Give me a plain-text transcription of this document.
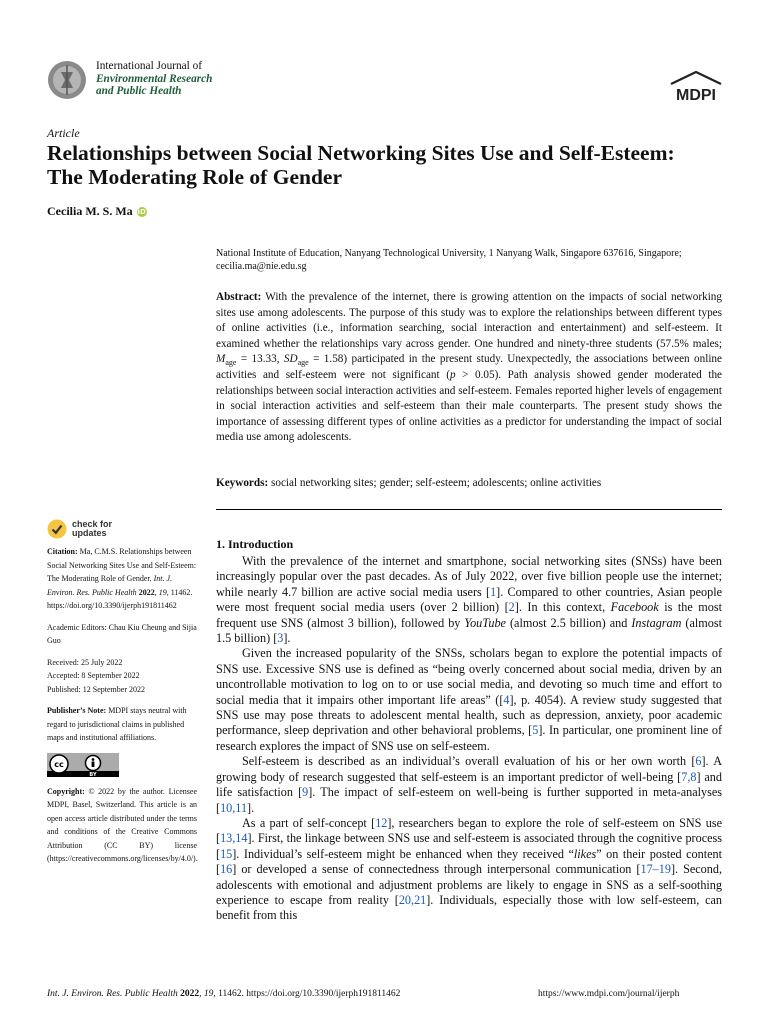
International Journal of
Environmental Research
and Public Health	MDPI
Article
Relationships between Social Networking Sites Use and Self-Esteem: The Moderating Role of Gender
Cecilia M. S. Ma iD
National Institute of Education, Nanyang Technological University, 1 Nanyang Walk, Singapore 637616, Singapore; cecilia.ma@nie.edu.sg
Abstract: With the prevalence of the internet, there is growing attention on the impacts of social networking sites use among adolescents. The purpose of this study was to explore the relationships between different types of online activities (i.e., information searching, social interaction and entertainment) and self-esteem. It examined whether the relationships vary across gender. One hundred and ninety-three students (57.5% males; $M_{age} = 13.33$, $SD_{age} = 1.58$) participated in the present study. Unexpectedly, the associations between online activities and self-esteem were not significant (p > 0.05). Path analysis showed gender moderated the relationships between social interaction activities and self-esteem. Females reported higher levels of engagement in social interaction activities and self-esteem than their male counterparts. The present study shows the importance of assessing different types of online activities as a predictor for understanding the impact of social media use among adolescents.
Keywords: social networking sites; gender; self-esteem; adolescents; online activities
check for
updates
Citation: Ma, C.M.S. Relationships between Social Networking Sites Use and Self-Esteem: The Moderating Role of Gender. Int. J. Environ. Res. Public Health 2022, 19, 11462. https://doi.org/10.3390/ijerph191811462
Academic Editors: Chau Kiu Cheung and Sijia Guo
Received: 25 July 2022
Accepted: 8 September 2022
Published: 12 September 2022
Publisher’s Note: MDPI stays neutral with regard to jurisdictional claims in published maps and institutional affiliations.
cc
BY
Copyright: © 2022 by the author. Licensee MDPI, Basel, Switzerland. This article is an open access article distributed under the terms and conditions of the Creative Commons Attribution (CC BY) license (https://creativecommons.org/licenses/by/4.0/).
1. Introduction

With the prevalence of the internet and smartphone, social networking sites (SNSs) have been increasingly popular over the past decades. As of July 2022, over five billion people use the internet; while nearly 4.7 billion are active social media users [1]. Compared to other countries, Asian people were most frequent social media users (over 2 billion) [2]. In this context, Facebook is the most frequent use SNS (almost 3 billion), followed by YouTube (almost 2.5 billion) and Instagram (almost 1.5 billion) [3].

Given the increased popularity of the SNSs, scholars began to explore the potential impacts of SNS use. Excessive SNS use is defined as “being overly concerned about social media, driven by an uncontrollable motivation to log on to or use social media, and devoting so much time and effort to social media that it impairs other important life areas” ([4], p. 4054). A review study suggested that SNS use may pose threats to adolescent mental health, such as depression, anxiety, poor academic performance, sleep deprivation and other behavioral problems, [5]. In particular, one prominent line of research explores the impact of SNS use on self-esteem.

Self-esteem is described as an individual’s overall evaluation of his or her own worth [6]. A growing body of research suggested that self-esteem is an important predictor of well-being [7,8] and life satisfaction [9]. The impact of self-esteem on well-being is further supported in meta-analyses [10,11].

As a part of self-concept [12], researchers began to explore the role of self-esteem on SNS use [13,14]. First, the linkage between SNS use and self-esteem is associated through the cognitive process [15]. Individual’s self-esteem might be enhanced when they received “likes” on their posted content [16] or developed a sense of connectedness through interpersonal communication [17–19]. Second, adolescents with emotional and adjustment problems are likely to engage in SNS as a self-soothing experience to escape from reality [20,21]. Individuals, especially those with low self-esteem, can benefit from this

Int. J. Environ. Res. Public Health 2022, 19, 11462. https://doi.org/10.3390/ijerph191811462	https://www.mdpi.com/journal/ijerph
